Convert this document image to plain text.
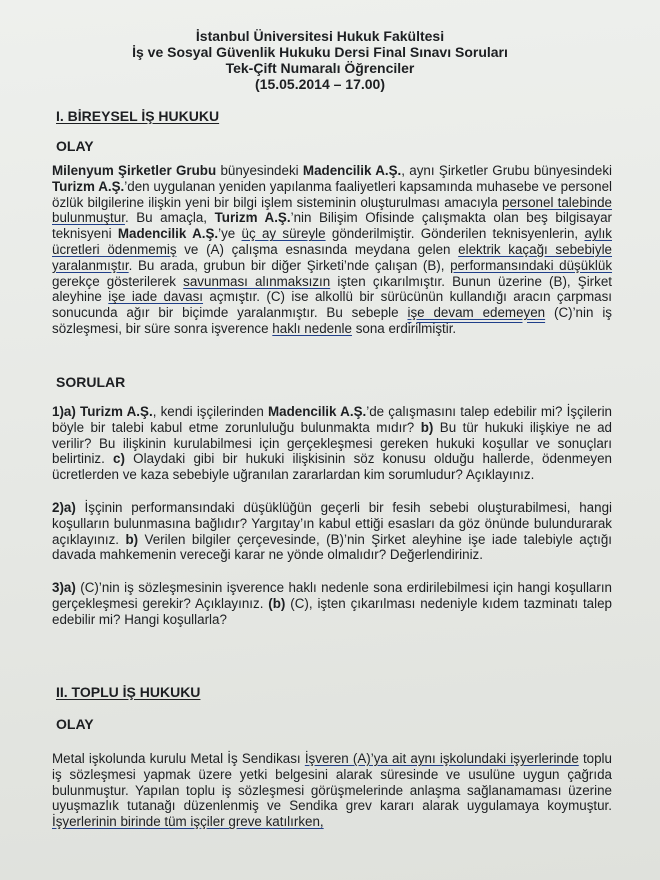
İstanbul Üniversitesi Hukuk Fakültesi
İş ve Sosyal Güvenlik Hukuku Dersi Final Sınavı Soruları
Tek-Çift Numaralı Öğrenciler
(15.05.2014 – 17.00)
I. BİREYSEL İŞ HUKUKU
OLAY

Milenyum Şirketler Grubu bünyesindeki Madencilik A.Ş., aynı Şirketler Grubu bünyesindeki Turizm A.Ş.’den uygulanan yeniden yapılanma faaliyetleri kapsamında muhasebe ve personel özlük bilgilerine ilişkin yeni bir bilgi işlem sisteminin oluşturulması amacıyla personel talebinde bulunmuştur. Bu amaçla, Turizm A.Ş.’nin Bilişim Ofisinde çalışmakta olan beş bilgisayar teknisyeni Madencilik A.Ş.’ye üç ay süreyle gönderilmiştir. Gönderilen teknisyenlerin, aylık ücretleri ödenmemiş ve (A) çalışma esnasında meydana gelen elektrik kaçağı sebebiyle yaralanmıştır. Bu arada, grubun bir diğer Şirketi’nde çalışan (B), performansındaki düşüklük gerekçe gösterilerek savunması alınmaksızın işten çıkarılmıştır. Bunun üzerine (B), Şirket aleyhine işe iade davası açmıştır. (C) ise alkollü bir sürücünün kullandığı aracın çarpması sonucunda ağır bir biçimde yaralanmıştır. Bu sebeple işe devam edemeyen (C)’nin iş sözleşmesi, bir süre sonra işverence haklı nedenle sona erdirilmiştir.

SORULAR

1)a) Turizm A.Ş., kendi işçilerinden Madencilik A.Ş.’de çalışmasını talep edebilir mi? İşçilerin böyle bir talebi kabul etme zorunluluğu bulunmakta mıdır? b) Bu tür hukuki ilişkiye ne ad verilir? Bu ilişkinin kurulabilmesi için gerçekleşmesi gereken hukuki koşullar ve sonuçları belirtiniz. c) Olaydaki gibi bir hukuki ilişkisinin söz konusu olduğu hallerde, ödenmeyen ücretlerden ve kaza sebebiyle uğranılan zararlardan kim sorumludur? Açıklayınız.

2)a) İşçinin performansındaki düşüklüğün geçerli bir fesih sebebi oluşturabilmesi, hangi koşulların bulunmasına bağlıdır? Yargıtay’ın kabul ettiği esasları da göz önünde bulundurarak açıklayınız. b) Verilen bilgiler çerçevesinde, (B)’nin Şirket aleyhine işe iade talebiyle açtığı davada mahkemenin vereceği karar ne yönde olmalıdır? Değerlendiriniz.

3)a) (C)’nin iş sözleşmesinin işverence haklı nedenle sona erdirilebilmesi için hangi koşulların gerçekleşmesi gerekir? Açıklayınız. (b) (C), işten çıkarılması nedeniyle kıdem tazminatı talep edebilir mi? Hangi koşullarla?

II. TOPLU İŞ HUKUKU
OLAY

Metal işkolunda kurulu Metal İş Sendikası İşveren (A)’ya ait aynı işkolundaki işyerlerinde toplu iş sözleşmesi yapmak üzere yetki belgesini alarak süresinde ve usulüne uygun çağrıda bulunmuştur. Yapılan toplu iş sözleşmesi görüşmelerinde anlaşma sağlanamaması üzerine uyuşmazlık tutanağı düzenlenmiş ve Sendika grev kararı alarak uygulamaya koymuştur. İşyerlerinin birinde tüm işçiler greve katılırken,
